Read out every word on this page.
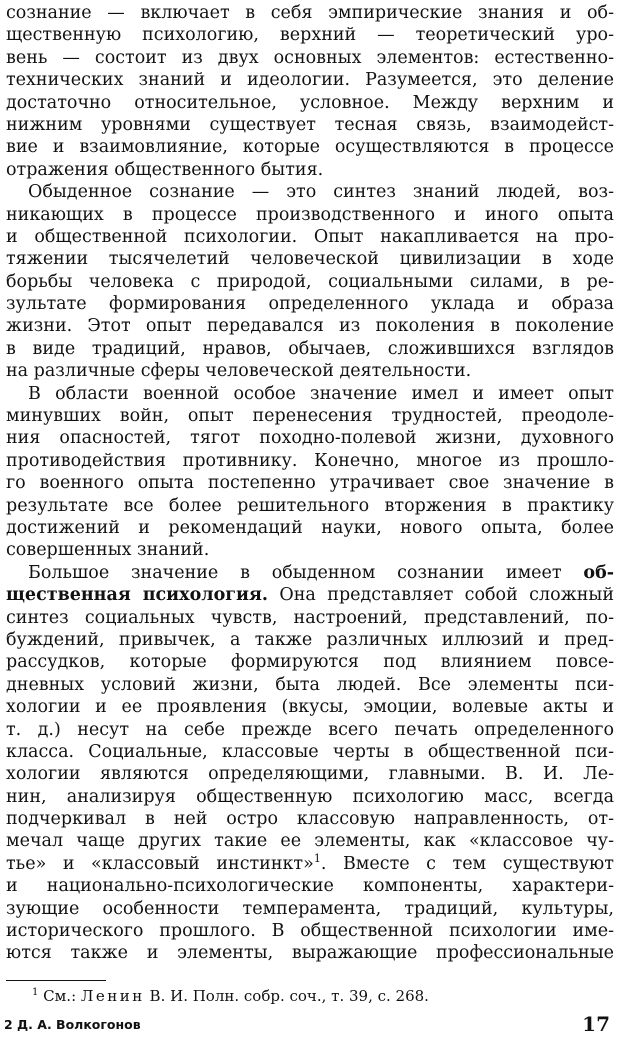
сознание — включает в себя эмпирические знания и об-
щественную психологию, верхний — теоретический уро-
вень — состоит из двух основных элементов: естественно-
технических знаний и идеологии. Разумеется, это деление
достаточно относительное, условное. Между верхним и
нижним уровнями существует тесная связь, взаимодейст-
вие и взаимовлияние, которые осуществляются в процессе
отражения общественного бытия.
Обыденное сознание — это синтез знаний людей, воз-
никающих в процессе производственного и иного опыта
и общественной психологии. Опыт накапливается на про-
тяжении тысячелетий человеческой цивилизации в ходе
борьбы человека с природой, социальными силами, в ре-
зультате формирования определенного уклада и образа
жизни. Этот опыт передавался из поколения в поколение
в виде традиций, нравов, обычаев, сложившихся взглядов
на различные сферы человеческой деятельности.
В области военной особое значение имел и имеет опыт
минувших войн, опыт перенесения трудностей, преодоле-
ния опасностей, тягот походно-полевой жизни, духовного
противодействия противнику. Конечно, многое из прошло-
го военного опыта постепенно утрачивает свое значение в
результате все более решительного вторжения в практику
достижений и рекомендаций науки, нового опыта, более
совершенных знаний.
Большое значение в обыденном сознании имеет об-
щественная психология. Она представляет собой сложный
синтез социальных чувств, настроений, представлений, по-
буждений, привычек, а также различных иллюзий и пред-
рассудков, которые формируются под влиянием повсе-
дневных условий жизни, быта людей. Все элементы пси-
хологии и ее проявления (вкусы, эмоции, волевые акты и
т. д.) несут на себе прежде всего печать определенного
класса. Социальные, классовые черты в общественной пси-
хологии являются определяющими, главными. В. И. Ле-
нин, анализируя общественную психологию масс, всегда
подчеркивал в ней остро классовую направленность, от-
мечал чаще других такие ее элементы, как «классовое чу-
тье» и «классовый инстинкт»$^1$. Вместе с тем существуют
и национально-психологические компоненты, характери-
зующие особенности темперамента, традиций, культуры,
исторического прошлого. В общественной психологии име-
ются также и элементы, выражающие профессиональные
$^1$ См.: Ленин В. И. Полн. собр. соч., т. 39, с. 268.
2 Д. А. Волкогонов	17
